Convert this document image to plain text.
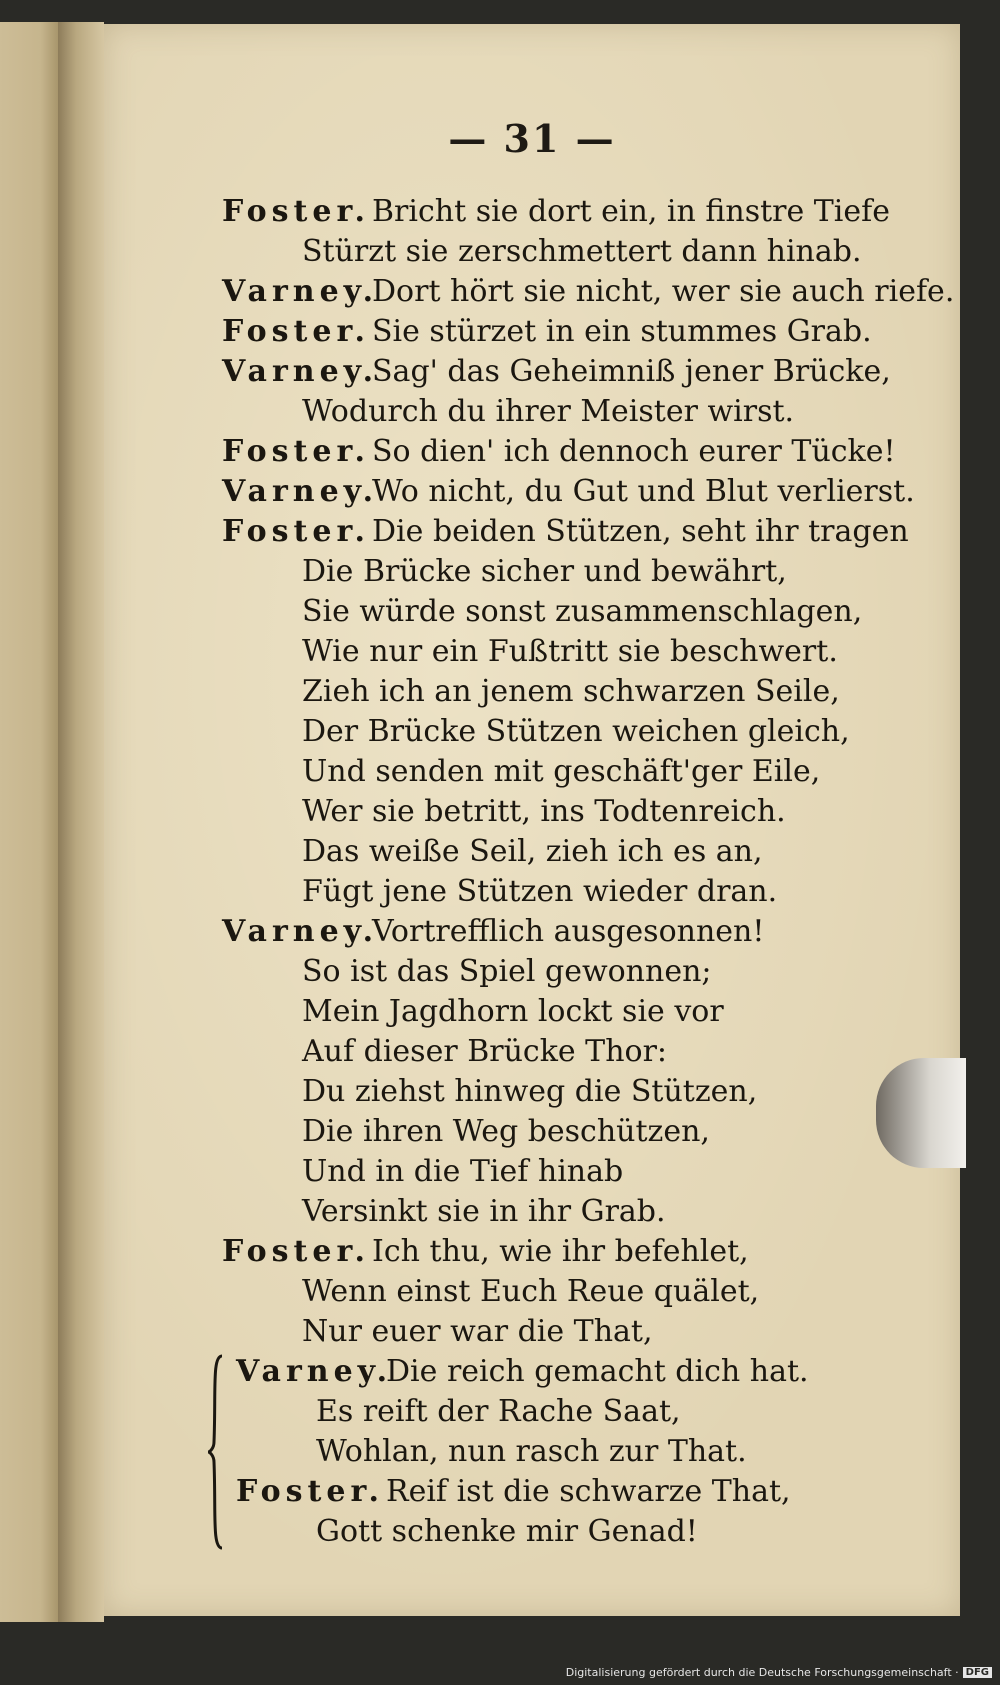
— 31 —
Foster.Bricht sie dort ein, in finstre Tiefe
Stürzt sie zerschmettert dann hinab.
Varney.Dort hört sie nicht, wer sie auch riefe.
Foster.Sie stürzet in ein stummes Grab.
Varney.Sag' das Geheimniß jener Brücke,
Wodurch du ihrer Meister wirst.
Foster.So dien' ich dennoch eurer Tücke!
Varney.Wo nicht, du Gut und Blut verlierst.
Foster.Die beiden Stützen, seht ihr tragen
Die Brücke sicher und bewährt,
Sie würde sonst zusammenschlagen,
Wie nur ein Fußtritt sie beschwert.
Zieh ich an jenem schwarzen Seile,
Der Brücke Stützen weichen gleich,
Und senden mit geschäft'ger Eile,
Wer sie betritt, ins Todtenreich.
Das weiße Seil, zieh ich es an,
Fügt jene Stützen wieder dran.
Varney.Vortrefflich ausgesonnen!
So ist das Spiel gewonnen;
Mein Jagdhorn lockt sie vor
Auf dieser Brücke Thor:
Du ziehst hinweg die Stützen,
Die ihren Weg beschützen,
Und in die Tief hinab
Versinkt sie in ihr Grab.
Foster.Ich thu, wie ihr befehlet,
Wenn einst Euch Reue quälet,
Nur euer war die That,
Varney.Die reich gemacht dich hat.
Es reift der Rache Saat,
Wohlan, nun rasch zur That.
Foster.Reif ist die schwarze That,
Gott schenke mir Genad!
Digitalisierung gefördert durch die Deutsche Forschungsgemeinschaft · DFG
